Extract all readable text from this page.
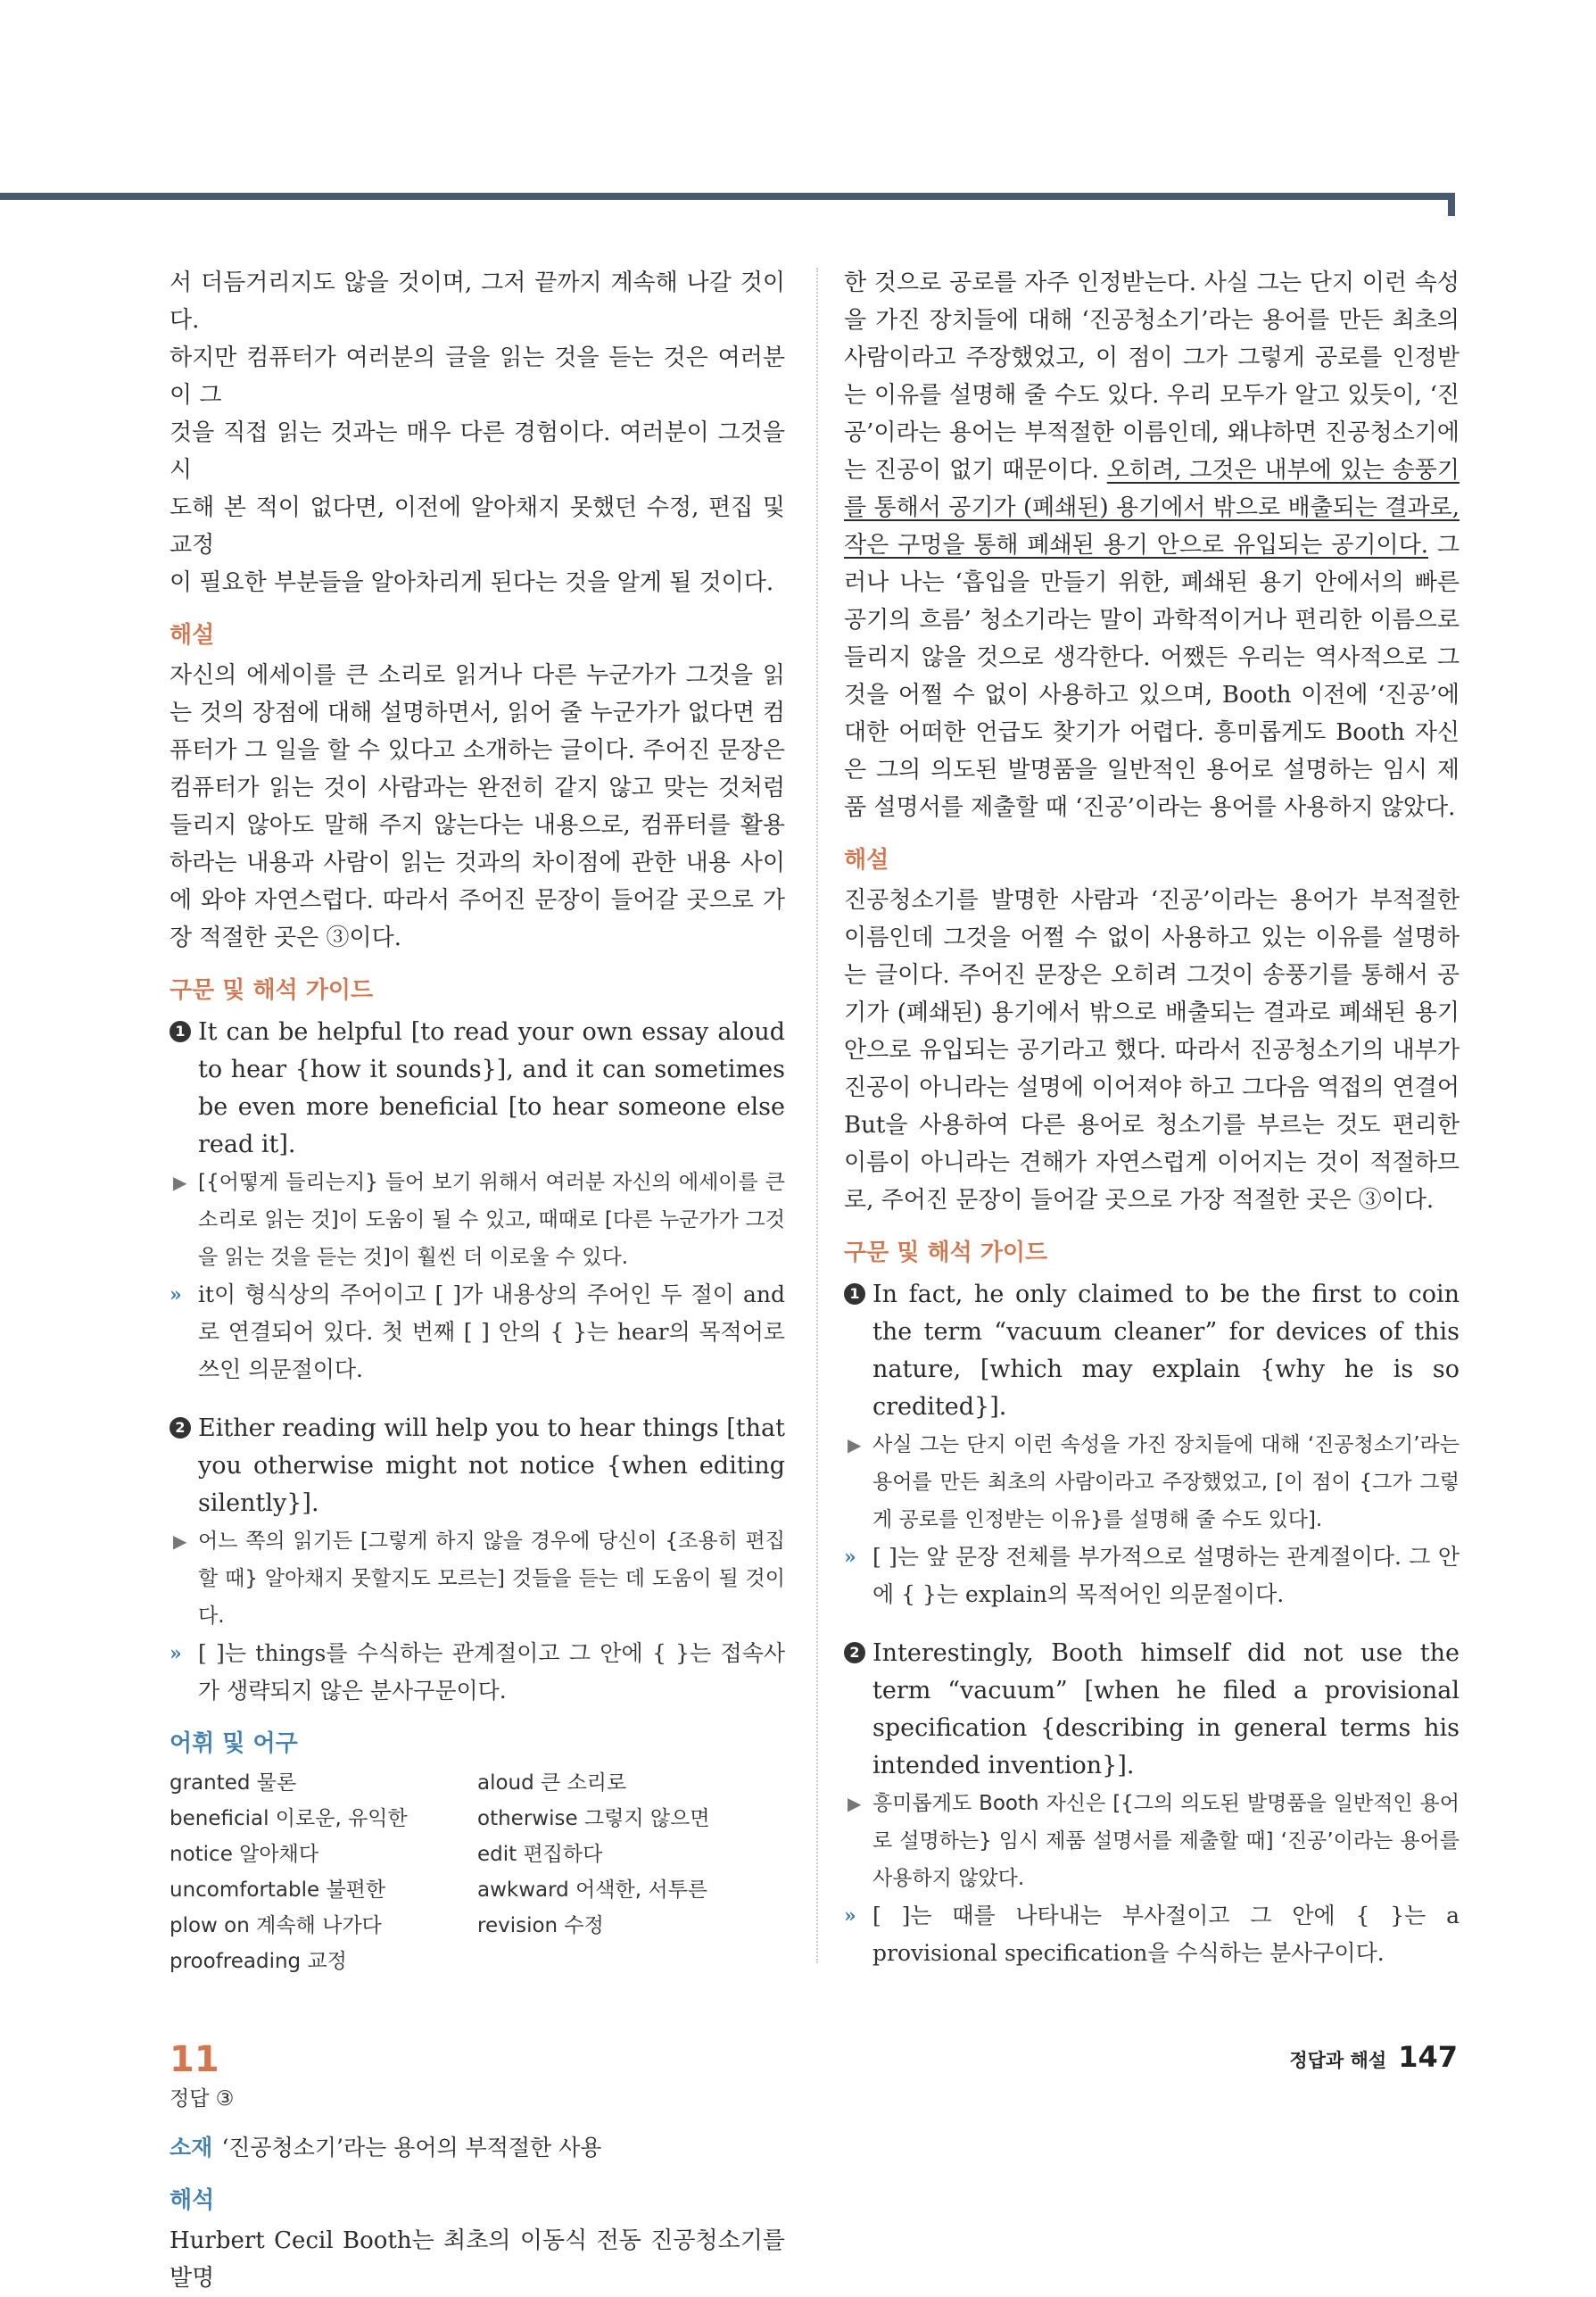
서 더듬거리지도 않을 것이며, 그저 끝까지 계속해 나갈 것이다.

하지만 컴퓨터가 여러분의 글을 읽는 것을 듣는 것은 여러분이 그

것을 직접 읽는 것과는 매우 다른 경험이다. 여러분이 그것을 시

도해 본 적이 없다면, 이전에 알아채지 못했던 수정, 편집 및 교정

이 필요한 부분들을 알아차리게 된다는 것을 알게 될 것이다.

해설

자신의 에세이를 큰 소리로 읽거나 다른 누군가가 그것을 읽는 것의 장점에 대해 설명하면서, 읽어 줄 누군가가 없다면 컴퓨터가 그 일을 할 수 있다고 소개하는 글이다. 주어진 문장은 컴퓨터가 읽는 것이 사람과는 완전히 같지 않고 맞는 것처럼 들리지 않아도 말해 주지 않는다는 내용으로, 컴퓨터를 활용하라는 내용과 사람이 읽는 것과의 차이점에 관한 내용 사이에 와야 자연스럽다. 따라서 주어진 문장이 들어갈 곳으로 가장 적절한 곳은 ③이다.

구문 및 해석 가이드
1 It can be helpful [to read your own essay aloud to hear {how it sounds}], and it can sometimes be even more beneficial [to hear someone else read it].
▶ [{어떻게 들리는지} 들어 보기 위해서 여러분 자신의 에세이를 큰 소리로 읽는 것]이 도움이 될 수 있고, 때때로 [다른 누군가가 그것을 읽는 것을 듣는 것]이 훨씬 더 이로울 수 있다.
» it이 형식상의 주어이고 [ ]가 내용상의 주어인 두 절이 and로 연결되어 있다. 첫 번째 [ ] 안의 { }는 hear의 목적어로 쓰인 의문절이다.
2 Either reading will help you to hear things [that you otherwise might not notice {when editing silently}].
▶ 어느 쪽의 읽기든 [그렇게 하지 않을 경우에 당신이 {조용히 편집할 때} 알아채지 못할지도 모르는] 것들을 듣는 데 도움이 될 것이다.
» [ ]는 things를 수식하는 관계절이고 그 안에 { }는 접속사가 생략되지 않은 분사구문이다.
어휘 및 어구
granted 물론	aloud 큰 소리로
beneficial 이로운, 유익한	otherwise 그렇지 않으면
notice 알아채다	edit 편집하다
uncomfortable 불편한	awkward 어색한, 서투른
plow on 계속해 나가다	revision 수정
proofreading 교정
11
정답 ③
소재 ‘진공청소기’라는 용어의 부적절한 사용
해석

Hurbert Cecil Booth는 최초의 이동식 전동 진공청소기를 발명

한 것으로 공로를 자주 인정받는다. 사실 그는 단지 이런 속성을 가진 장치들에 대해 ‘진공청소기’라는 용어를 만든 최초의 사람이라고 주장했었고, 이 점이 그가 그렇게 공로를 인정받는 이유를 설명해 줄 수도 있다. 우리 모두가 알고 있듯이, ‘진공’이라는 용어는 부적절한 이름인데, 왜냐하면 진공청소기에는 진공이 없기 때문이다. 오히려, 그것은 내부에 있는 송풍기를 통해서 공기가 (폐쇄된) 용기에서 밖으로 배출되는 결과로, 작은 구멍을 통해 폐쇄된 용기 안으로 유입되는 공기이다. 그러나 나는 ‘흡입을 만들기 위한, 폐쇄된 용기 안에서의 빠른 공기의 흐름’ 청소기라는 말이 과학적이거나 편리한 이름으로 들리지 않을 것으로 생각한다. 어쨌든 우리는 역사적으로 그것을 어쩔 수 없이 사용하고 있으며, Booth 이전에 ‘진공’에 대한 어떠한 언급도 찾기가 어렵다. 흥미롭게도 Booth 자신은 그의 의도된 발명품을 일반적인 용어로 설명하는 임시 제품 설명서를 제출할 때 ‘진공’이라는 용어를 사용하지 않았다.

해설

진공청소기를 발명한 사람과 ‘진공’이라는 용어가 부적절한 이름인데 그것을 어쩔 수 없이 사용하고 있는 이유를 설명하는 글이다. 주어진 문장은 오히려 그것이 송풍기를 통해서 공기가 (폐쇄된) 용기에서 밖으로 배출되는 결과로 폐쇄된 용기 안으로 유입되는 공기라고 했다. 따라서 진공청소기의 내부가 진공이 아니라는 설명에 이어져야 하고 그다음 역접의 연결어 But을 사용하여 다른 용어로 청소기를 부르는 것도 편리한 이름이 아니라는 견해가 자연스럽게 이어지는 것이 적절하므로, 주어진 문장이 들어갈 곳으로 가장 적절한 곳은 ③이다.

구문 및 해석 가이드
1 In fact, he only claimed to be the first to coin the term “vacuum cleaner” for devices of this nature, [which may explain {why he is so credited}].
▶ 사실 그는 단지 이런 속성을 가진 장치들에 대해 ‘진공청소기’라는 용어를 만든 최초의 사람이라고 주장했었고, [이 점이 {그가 그렇게 공로를 인정받는 이유}를 설명해 줄 수도 있다].
» [ ]는 앞 문장 전체를 부가적으로 설명하는 관계절이다. 그 안에 { }는 explain의 목적어인 의문절이다.
2 Interestingly, Booth himself did not use the term “vacuum” [when he filed a provisional specification {describing in general terms his intended invention}].
▶ 흥미롭게도 Booth 자신은 [{그의 의도된 발명품을 일반적인 용어로 설명하는} 임시 제품 설명서를 제출할 때] ‘진공’이라는 용어를 사용하지 않았다.
» [ ]는 때를 나타내는 부사절이고 그 안에 { }는 a provisional specification을 수식하는 분사구이다.
정답과 해설 147
